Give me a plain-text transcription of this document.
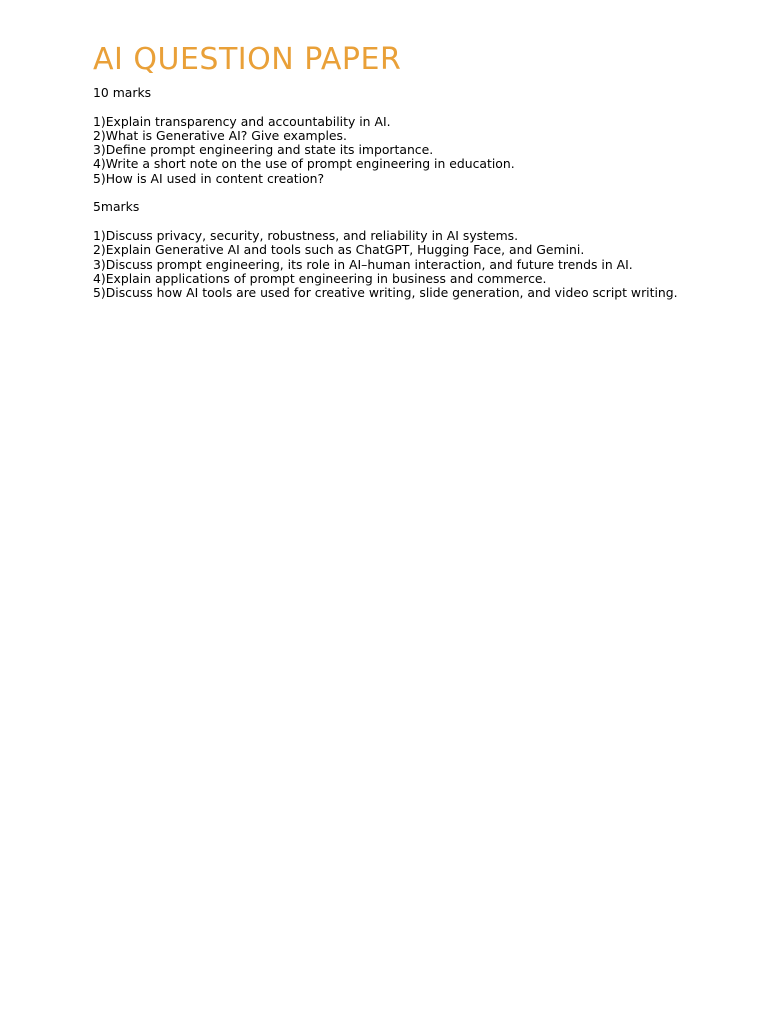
AI QUESTION PAPER

10 marks

1)Explain transparency and accountability in AI.
2)What is Generative AI? Give examples.
3)Define prompt engineering and state its importance.
4)Write a short note on the use of prompt engineering in education.
5)How is AI used in content creation?

5marks

1)Discuss privacy, security, robustness, and reliability in AI systems.
2)Explain Generative AI and tools such as ChatGPT, Hugging Face, and Gemini.
3)Discuss prompt engineering, its role in AI–human interaction, and future trends in AI.
4)Explain applications of prompt engineering in business and commerce.
5)Discuss how AI tools are used for creative writing, slide generation, and video script writing.
